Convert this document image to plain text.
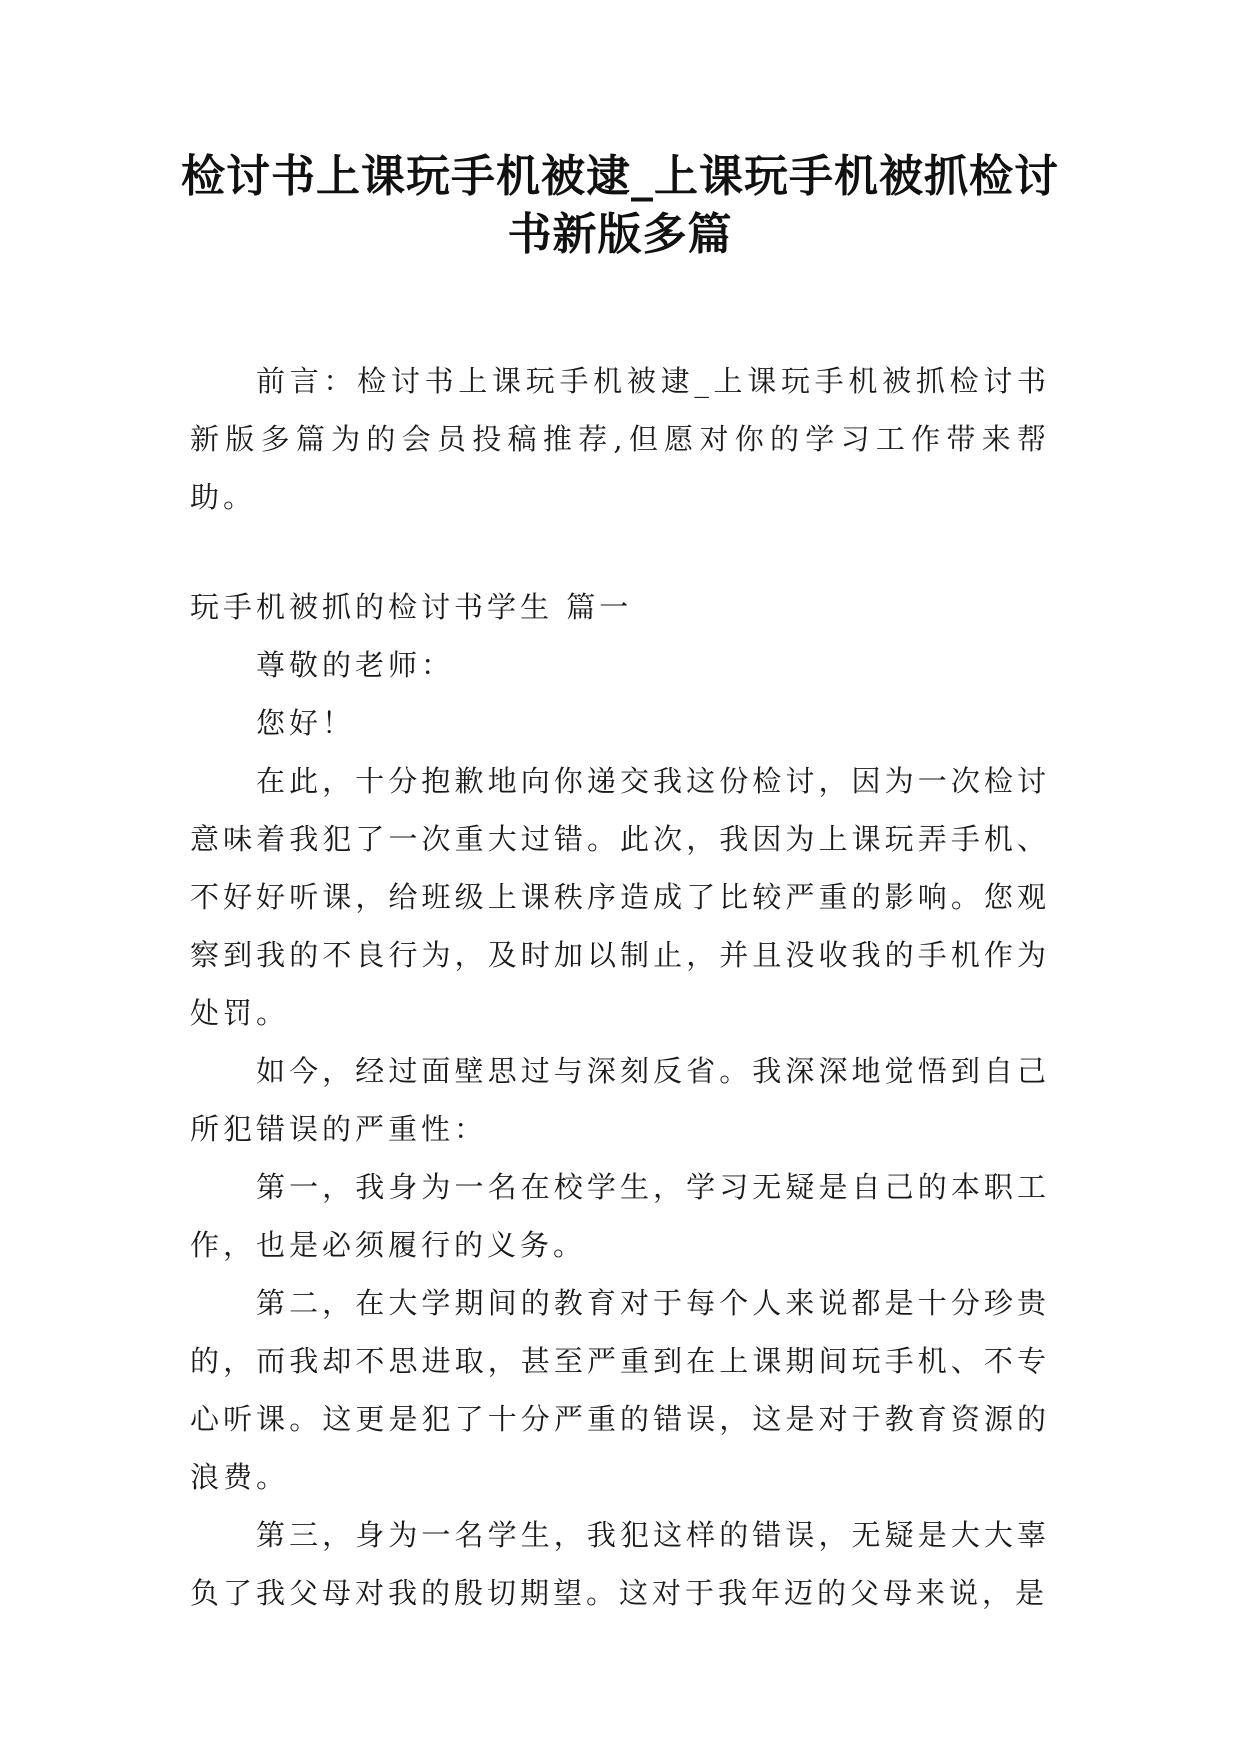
检讨书上课玩手机被逮_上课玩手机被抓检讨书新版多篇

前言：检讨书上课玩手机被逮_上课玩手机被抓检讨书新版多篇为的会员投稿推荐,但愿对你的学习工作带来帮助。

玩手机被抓的检讨书学生 篇一

尊敬的老师：

您好！

在此，十分抱歉地向你递交我这份检讨，因为一次检讨意味着我犯了一次重大过错。此次，我因为上课玩弄手机、不好好听课，给班级上课秩序造成了比较严重的影响。您观察到我的不良行为，及时加以制止，并且没收我的手机作为处罚。

如今，经过面壁思过与深刻反省。我深深地觉悟到自己所犯错误的严重性：

第一，我身为一名在校学生，学习无疑是自己的本职工作，也是必须履行的义务。

第二，在大学期间的教育对于每个人来说都是十分珍贵的，而我却不思进取，甚至严重到在上课期间玩手机、不专心听课。这更是犯了十分严重的错误，这是对于教育资源的浪费。

第三，身为一名学生，我犯这样的错误，无疑是大大辜负了我父母对我的殷切期望。这对于我年迈的父母来说，是
